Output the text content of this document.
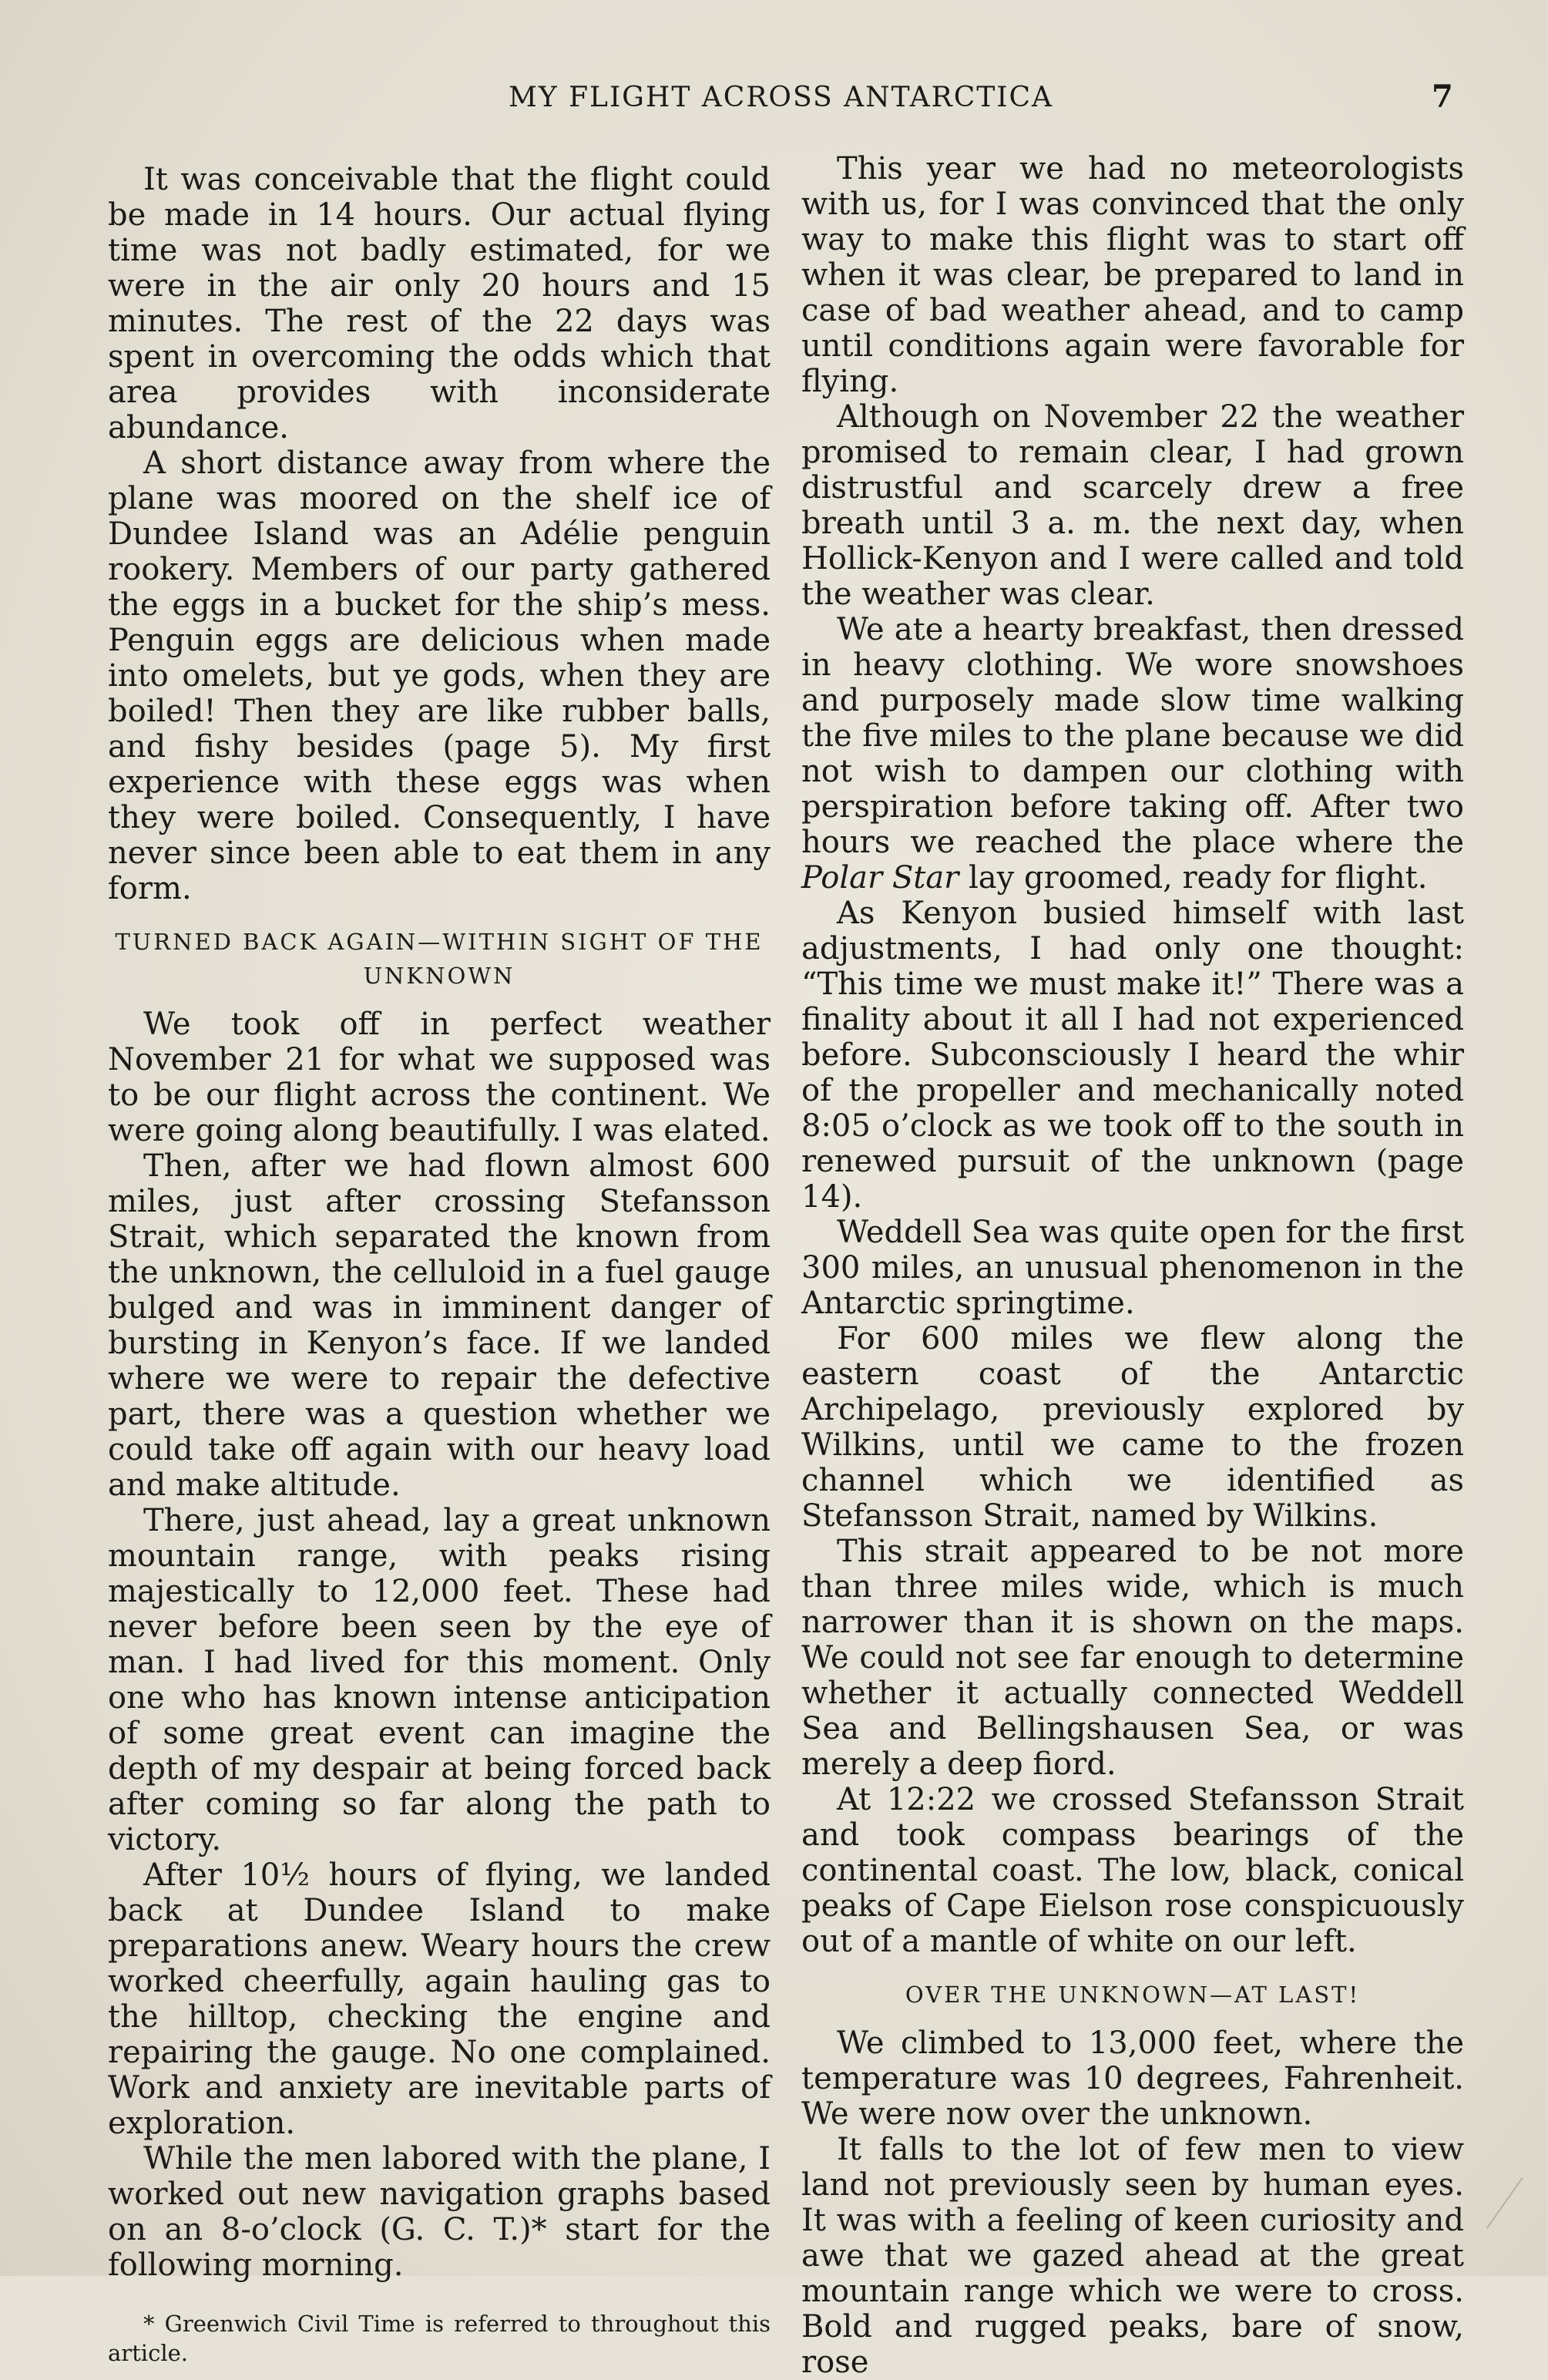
MY FLIGHT ACROSS ANTARCTICA	7

It was conceivable that the flight could be made in 14 hours. Our actual flying time was not badly estimated, for we were in the air only 20 hours and 15 minutes. The rest of the 22 days was spent in overcoming the odds which that area provides with inconsiderate abundance.

A short distance away from where the plane was moored on the shelf ice of Dundee Island was an Adélie penguin rookery. Members of our party gathered the eggs in a bucket for the ship’s mess. Penguin eggs are delicious when made into omelets, but ye gods, when they are boiled! Then they are like rubber balls, and fishy besides (page 5). My first experience with these eggs was when they were boiled. Consequently, I have never since been able to eat them in any form.

TURNED BACK AGAIN—WITHIN SIGHT OF THE UNKNOWN

We took off in perfect weather November 21 for what we supposed was to be our flight across the continent. We were going along beautifully. I was elated.

Then, after we had flown almost 600 miles, just after crossing Stefansson Strait, which separated the known from the unknown, the celluloid in a fuel gauge bulged and was in imminent danger of bursting in Kenyon’s face. If we landed where we were to repair the defective part, there was a question whether we could take off again with our heavy load and make altitude.

There, just ahead, lay a great unknown mountain range, with peaks rising majestically to 12,000 feet. These had never before been seen by the eye of man. I had lived for this moment. Only one who has known intense anticipation of some great event can imagine the depth of my despair at being forced back after coming so far along the path to victory.

After 10½ hours of flying, we landed back at Dundee Island to make preparations anew. Weary hours the crew worked cheerfully, again hauling gas to the hilltop, checking the engine and repairing the gauge. No one complained. Work and anxiety are inevitable parts of exploration.

While the men labored with the plane, I worked out new navigation graphs based on an 8-o’clock (G. C. T.)* start for the following morning.

* Greenwich Civil Time is referred to throughout this article.

This year we had no meteorologists with us, for I was convinced that the only way to make this flight was to start off when it was clear, be prepared to land in case of bad weather ahead, and to camp until conditions again were favorable for flying.

Although on November 22 the weather promised to remain clear, I had grown distrustful and scarcely drew a free breath until 3 a. m. the next day, when Hollick-Kenyon and I were called and told the weather was clear.

We ate a hearty breakfast, then dressed in heavy clothing. We wore snowshoes and purposely made slow time walking the five miles to the plane because we did not wish to dampen our clothing with perspiration before taking off. After two hours we reached the place where the Polar Star lay groomed, ready for flight.

As Kenyon busied himself with last adjustments, I had only one thought: “This time we must make it!” There was a finality about it all I had not experienced before. Subconsciously I heard the whir of the propeller and mechanically noted 8:05 o’clock as we took off to the south in renewed pursuit of the unknown (page 14).

Weddell Sea was quite open for the first 300 miles, an unusual phenomenon in the Antarctic springtime.

For 600 miles we flew along the eastern coast of the Antarctic Archipelago, previously explored by Wilkins, until we came to the frozen channel which we identified as Stefansson Strait, named by Wilkins.

This strait appeared to be not more than three miles wide, which is much narrower than it is shown on the maps. We could not see far enough to determine whether it actually connected Weddell Sea and Bellingshausen Sea, or was merely a deep fiord.

At 12:22 we crossed Stefansson Strait and took compass bearings of the continental coast. The low, black, conical peaks of Cape Eielson rose conspicuously out of a mantle of white on our left.

OVER THE UNKNOWN—AT LAST!

We climbed to 13,000 feet, where the temperature was 10 degrees, Fahrenheit. We were now over the unknown.

It falls to the lot of few men to view land not previously seen by human eyes. It was with a feeling of keen curiosity and awe that we gazed ahead at the great mountain range which we were to cross. Bold and rugged peaks, bare of snow, rose
